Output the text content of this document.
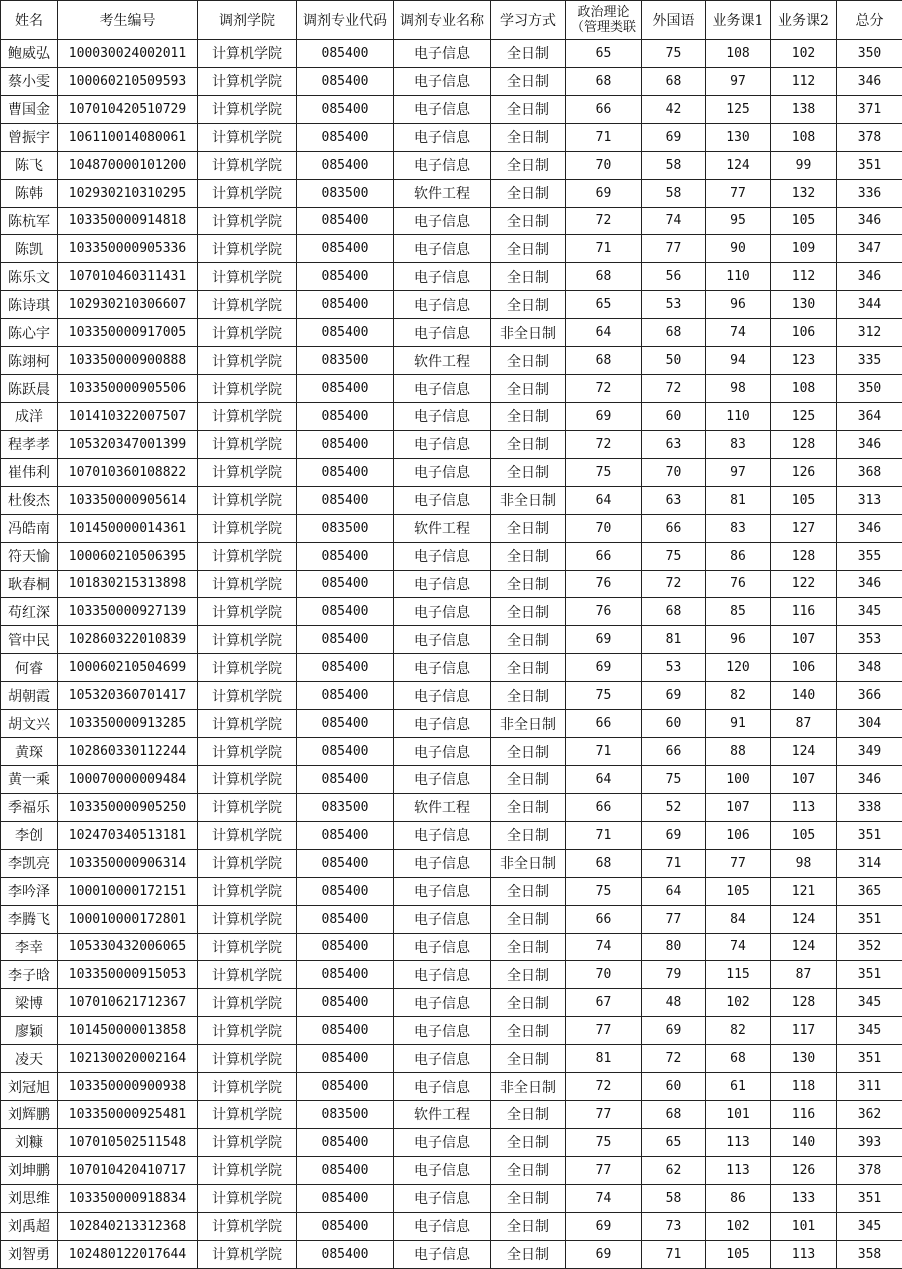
姓名	考生编号	调剂学院	调剂专业代码	调剂专业名称	学习方式	政治理论（管理类联	外国语	业务课1	业务课2	总分
鲍威弘	100030024002011	计算机学院	085400	电子信息	全日制	65	75	108	102	350
蔡小雯	100060210509593	计算机学院	085400	电子信息	全日制	68	68	97	112	346
曹国金	107010420510729	计算机学院	085400	电子信息	全日制	66	42	125	138	371
曾振宇	106110014080061	计算机学院	085400	电子信息	全日制	71	69	130	108	378
陈飞	104870000101200	计算机学院	085400	电子信息	全日制	70	58	124	99	351
陈韩	102930210310295	计算机学院	083500	软件工程	全日制	69	58	77	132	336
陈杭军	103350000914818	计算机学院	085400	电子信息	全日制	72	74	95	105	346
陈凯	103350000905336	计算机学院	085400	电子信息	全日制	71	77	90	109	347
陈乐文	107010460311431	计算机学院	085400	电子信息	全日制	68	56	110	112	346
陈诗琪	102930210306607	计算机学院	085400	电子信息	全日制	65	53	96	130	344
陈心宇	103350000917005	计算机学院	085400	电子信息	非全日制	64	68	74	106	312
陈翊柯	103350000900888	计算机学院	083500	软件工程	全日制	68	50	94	123	335
陈跃晨	103350000905506	计算机学院	085400	电子信息	全日制	72	72	98	108	350
成洋	101410322007507	计算机学院	085400	电子信息	全日制	69	60	110	125	364
程孝孝	105320347001399	计算机学院	085400	电子信息	全日制	72	63	83	128	346
崔伟利	107010360108822	计算机学院	085400	电子信息	全日制	75	70	97	126	368
杜俊杰	103350000905614	计算机学院	085400	电子信息	非全日制	64	63	81	105	313
冯皓南	101450000014361	计算机学院	083500	软件工程	全日制	70	66	83	127	346
符天愉	100060210506395	计算机学院	085400	电子信息	全日制	66	75	86	128	355
耿春桐	101830215313898	计算机学院	085400	电子信息	全日制	76	72	76	122	346
苟红深	103350000927139	计算机学院	085400	电子信息	全日制	76	68	85	116	345
管中民	102860322010839	计算机学院	085400	电子信息	全日制	69	81	96	107	353
何睿	100060210504699	计算机学院	085400	电子信息	全日制	69	53	120	106	348
胡朝霞	105320360701417	计算机学院	085400	电子信息	全日制	75	69	82	140	366
胡文兴	103350000913285	计算机学院	085400	电子信息	非全日制	66	60	91	87	304
黄琛	102860330112244	计算机学院	085400	电子信息	全日制	71	66	88	124	349
黄一乘	100070000009484	计算机学院	085400	电子信息	全日制	64	75	100	107	346
季福乐	103350000905250	计算机学院	083500	软件工程	全日制	66	52	107	113	338
李创	102470340513181	计算机学院	085400	电子信息	全日制	71	69	106	105	351
李凯亮	103350000906314	计算机学院	085400	电子信息	非全日制	68	71	77	98	314
李吟泽	100010000172151	计算机学院	085400	电子信息	全日制	75	64	105	121	365
李腾飞	100010000172801	计算机学院	085400	电子信息	全日制	66	77	84	124	351
李幸	105330432006065	计算机学院	085400	电子信息	全日制	74	80	74	124	352
李子晗	103350000915053	计算机学院	085400	电子信息	全日制	70	79	115	87	351
梁博	107010621712367	计算机学院	085400	电子信息	全日制	67	48	102	128	345
廖颖	101450000013858	计算机学院	085400	电子信息	全日制	77	69	82	117	345
凌天	102130020002164	计算机学院	085400	电子信息	全日制	81	72	68	130	351
刘冠旭	103350000900938	计算机学院	085400	电子信息	非全日制	72	60	61	118	311
刘辉鹏	103350000925481	计算机学院	083500	软件工程	全日制	77	68	101	116	362
刘糠	107010502511548	计算机学院	085400	电子信息	全日制	75	65	113	140	393
刘坤鹏	107010420410717	计算机学院	085400	电子信息	全日制	77	62	113	126	378
刘思维	103350000918834	计算机学院	085400	电子信息	全日制	74	58	86	133	351
刘禹超	102840213312368	计算机学院	085400	电子信息	全日制	69	73	102	101	345
刘智勇	102480122017644	计算机学院	085400	电子信息	全日制	69	71	105	113	358
